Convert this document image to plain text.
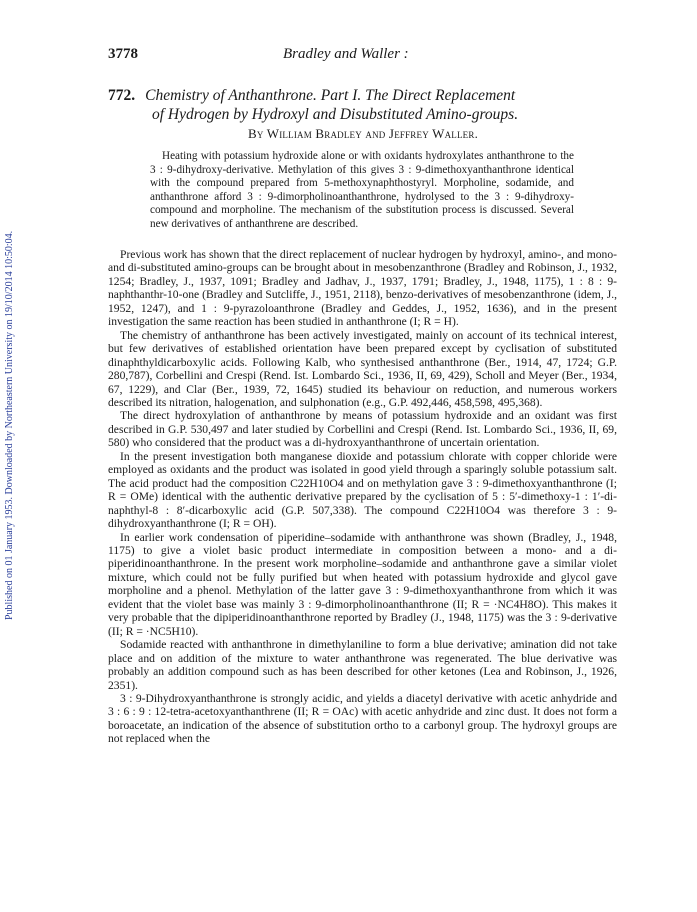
Published on 01 January 1953. Downloaded by Northeastern University on 19/10/2014 10:50:04.
3778	Bradley and Waller :
772. Chemistry of Anthanthrone. Part I. The Direct Replacement
of Hydrogen by Hydroxyl and Disubstituted Amino-groups.
By William Bradley and Jeffrey Waller.

Heating with potassium hydroxide alone or with oxidants hydroxylates anthanthrone to the 3 : 9-dihydroxy-derivative. Methylation of this gives 3 : 9-dimethoxyanthanthrone identical with the compound prepared from 5-methoxynaphthostyryl. Morpholine, sodamide, and anthanthrone afford 3 : 9-dimorpholinoanthanthrone, hydrolysed to the 3 : 9-dihydroxy-compound and morpholine. The mechanism of the substitution process is discussed. Several new derivatives of anthanthrene are described.

Previous work has shown that the direct replacement of nuclear hydrogen by hydroxyl, amino-, and mono- and di-substituted amino-groups can be brought about in mesobenzanthrone (Bradley and Robinson, J., 1932, 1254; Bradley, J., 1937, 1091; Bradley and Jadhav, J., 1937, 1791; Bradley, J., 1948, 1175), 1 : 8 : 9-naphthanthr-10-one (Bradley and Sutcliffe, J., 1951, 2118), benzo-derivatives of mesobenzanthrone (idem, J., 1952, 1247), and 1 : 9-pyrazoloanthrone (Bradley and Geddes, J., 1952, 1636), and in the present investigation the same reaction has been studied in anthanthrone (I; R = H).

The chemistry of anthanthrone has been actively investigated, mainly on account of its technical interest, but few derivatives of established orientation have been prepared except by cyclisation of substituted dinaphthyldicarboxylic acids. Following Kalb, who synthesised anthanthrone (Ber., 1914, 47, 1724; G.P. 280,787), Corbellini and Crespi (Rend. Ist. Lombardo Sci., 1936, II, 69, 429), Scholl and Meyer (Ber., 1934, 67, 1229), and Clar (Ber., 1939, 72, 1645) studied its behaviour on reduction, and numerous workers described its nitration, halogenation, and sulphonation (e.g., G.P. 492,446, 458,598, 495,368).

The direct hydroxylation of anthanthrone by means of potassium hydroxide and an oxidant was first described in G.P. 530,497 and later studied by Corbellini and Crespi (Rend. Ist. Lombardo Sci., 1936, II, 69, 580) who considered that the product was a di-hydroxyanthanthrone of uncertain orientation.

In the present investigation both manganese dioxide and potassium chlorate with copper chloride were employed as oxidants and the product was isolated in good yield through a sparingly soluble potassium salt. The acid product had the composition C22H10O4 and on methylation gave 3 : 9-dimethoxyanthanthrone (I; R = OMe) identical with the authentic derivative prepared by the cyclisation of 5 : 5′-dimethoxy-1 : 1′-di-naphthyl-8 : 8′-dicarboxylic acid (G.P. 507,338). The compound C22H10O4 was therefore 3 : 9-dihydroxyanthanthrone (I; R = OH).

In earlier work condensation of piperidine–sodamide with anthanthrone was shown (Bradley, J., 1948, 1175) to give a violet basic product intermediate in composition between a mono- and a di-piperidinoanthanthrone. In the present work morpholine–sodamide and anthanthrone gave a similar violet mixture, which could not be fully purified but when heated with potassium hydroxide and glycol gave morpholine and a phenol. Methylation of the latter gave 3 : 9-dimethoxyanthanthrone from which it was evident that the violet base was mainly 3 : 9-dimorpholinoanthanthrone (II; R = ·NC4H8O). This makes it very probable that the dipiperidinoanthanthrone reported by Bradley (J., 1948, 1175) was the 3 : 9-derivative (II; R = ·NC5H10).

Sodamide reacted with anthanthrone in dimethylaniline to form a blue derivative; amination did not take place and on addition of the mixture to water anthanthrone was regenerated. The blue derivative was probably an addition compound such as has been described for other ketones (Lea and Robinson, J., 1926, 2351).

3 : 9-Dihydroxyanthanthrone is strongly acidic, and yields a diacetyl derivative with acetic anhydride and 3 : 6 : 9 : 12-tetra-acetoxyanthanthrene (II; R = OAc) with acetic anhydride and zinc dust. It does not form a boroacetate, an indication of the absence of substitution ortho to a carbonyl group. The hydroxyl groups are not replaced when the
